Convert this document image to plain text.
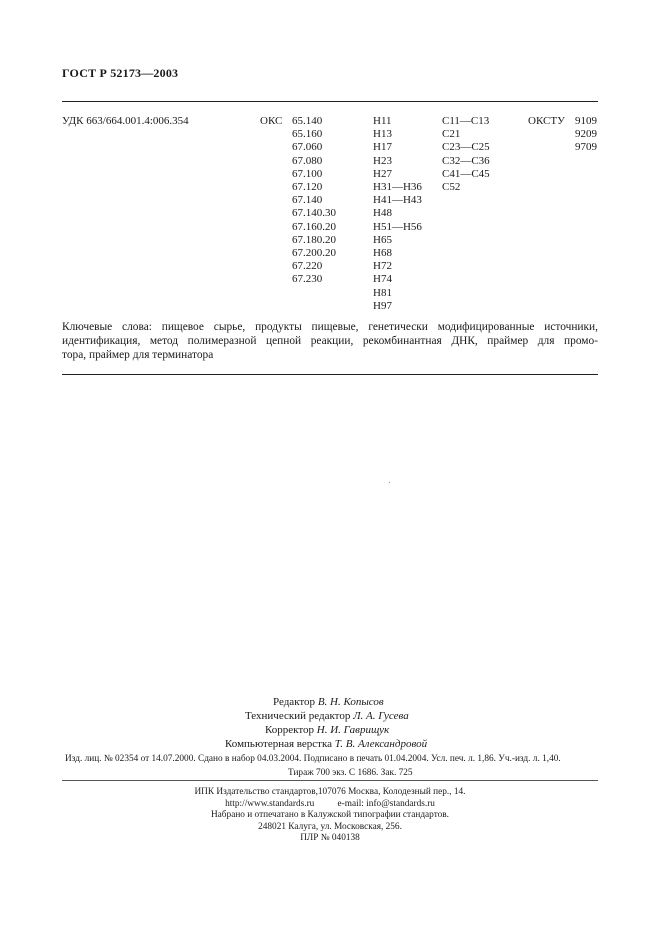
ГОСТ Р 52173—2003
УДК 663/664.001.4:006.354	ОКС 65.140
65.160
67.060
67.080
67.100
67.120
67.140
67.140.30
67.160.20
67.180.20
67.200.20
67.220
67.230
Н11
Н13
Н17
Н23
Н27
Н31—Н36
Н41—Н43
Н48
Н51—Н56
Н65
Н68
Н72
Н74
Н81
Н97
С11—С13
С21
С23—С25
С32—С36
С41—С45
С52
ОКСТУ 9109
9209
9709
Ключевые слова: пищевое сырье, продукты пищевые, генетически модифицированные источники,
идентификация, метод полимеразной цепной реакции, рекомбинантная ДНК, праймер для промо-
тора, праймер для терминатора
Редактор В. Н. Копысов
Технический редактор Л. А. Гусева
Корректор Н. И. Гаврищук
Компьютерная верстка Т. В. Александровой
Изд. лиц. № 02354 от 14.07.2000. Сдано в набор 04.03.2004. Подписано в печать 01.04.2004. Усл. печ. л. 1,86. Уч.-изд. л. 1,40.
Тираж 700 экз. С 1686. Зак. 725
ИПК Издательство стандартов,107076 Москва, Колодезный пер., 14.
http://www.standards.ru          e-mail: info@standards.ru
Набрано и отпечатано в Калужской типографии стандартов.
248021 Калуга, ул. Московская, 256.
ПЛР № 040138
